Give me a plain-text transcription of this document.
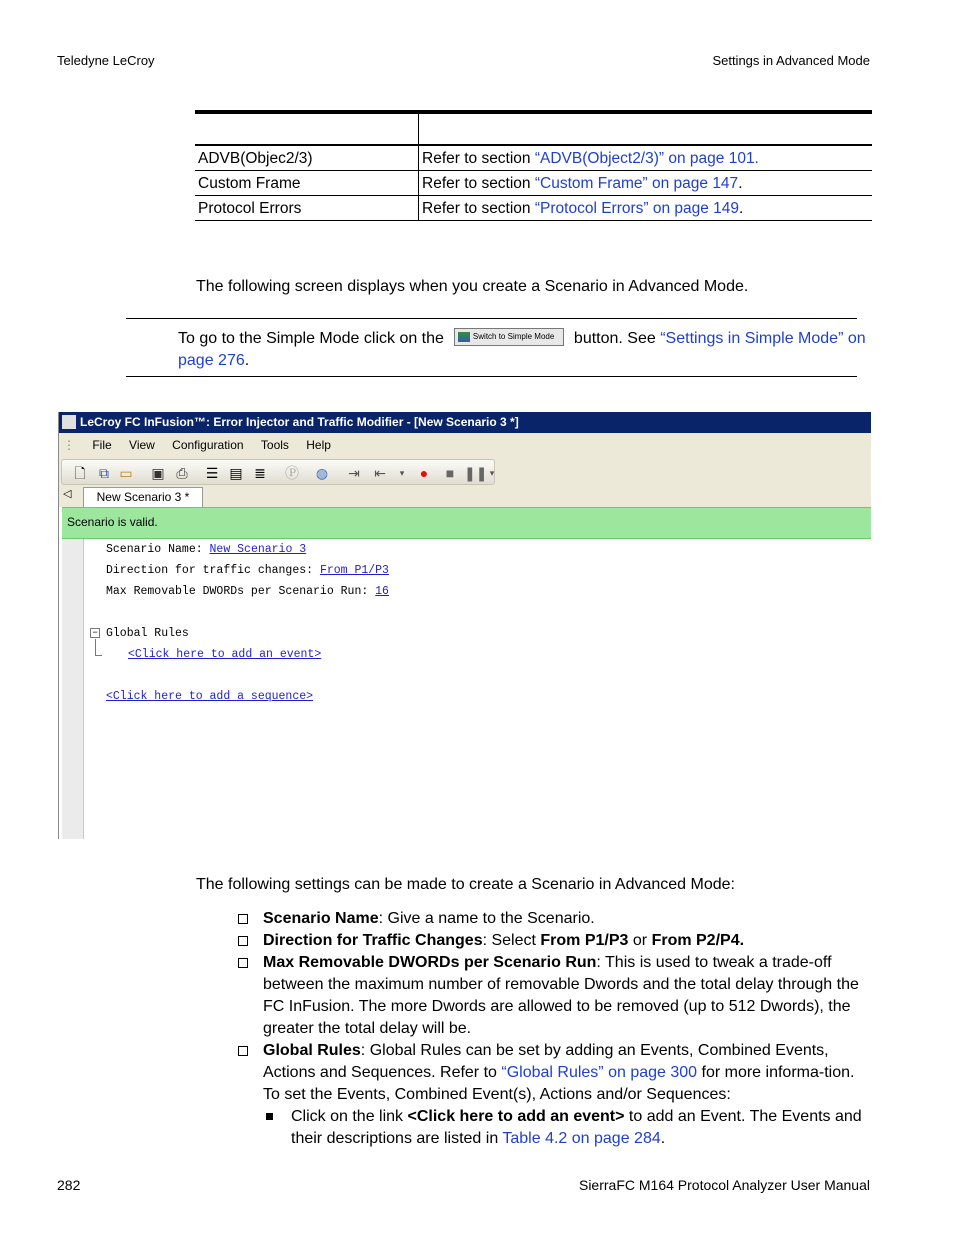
Teledyne LeCroy	Settings in Advanced Mode

ADVB(Objec2/3)	Refer to section “ADVB(Object2/3)” on page 101.
Custom Frame	Refer to section “Custom Frame” on page 147.
Protocol Errors	Refer to section “Protocol Errors” on page 149.
The following screen displays when you create a Scenario in Advanced Mode.
To go to the Simple Mode click on the	Switch to Simple Mode button. See “Settings in Simple Mode” on page 276.
LeCroy FC InFusion™: Error Injector and Traffic Modifier - [New Scenario 3 *]
⋮ File View Configuration Tools Help
🗋 ⧉ ▭ ▣ ⎙ ☰ ▤ ≣ Ⓟ ◍ ⇥ ⇤	▾	● ■ ❚❚ ▾
◁	New Scenario 3 *
Scenario is valid.
Scenario Name: New Scenario 3
Direction for traffic changes: From P1/P3
Max Removable DWORDs per Scenario Run: 16
− Global Rules
<Click here to add an event>
<Click here to add a sequence>
The following settings can be made to create a Scenario in Advanced Mode:
Scenario Name: Give a name to the Scenario.
Direction for Traffic Changes: Select From P1/P3 or From P2/P4.
Max Removable DWORDs per Scenario Run: This is used to tweak a trade-off between the maximum number of removable Dwords and the total delay through the FC InFusion. The more Dwords are allowed to be removed (up to 512 Dwords), the greater the total delay will be.
Global Rules: Global Rules can be set by adding an Events, Combined Events, Actions and Sequences. Refer to “Global Rules” on page 300 for more informa-tion. To set the Events, Combined Event(s), Actions and/or Sequences:
Click on the link <Click here to add an event> to add an Event. The Events and their descriptions are listed in Table 4.2 on page 284.
282	SierraFC M164 Protocol Analyzer User Manual
